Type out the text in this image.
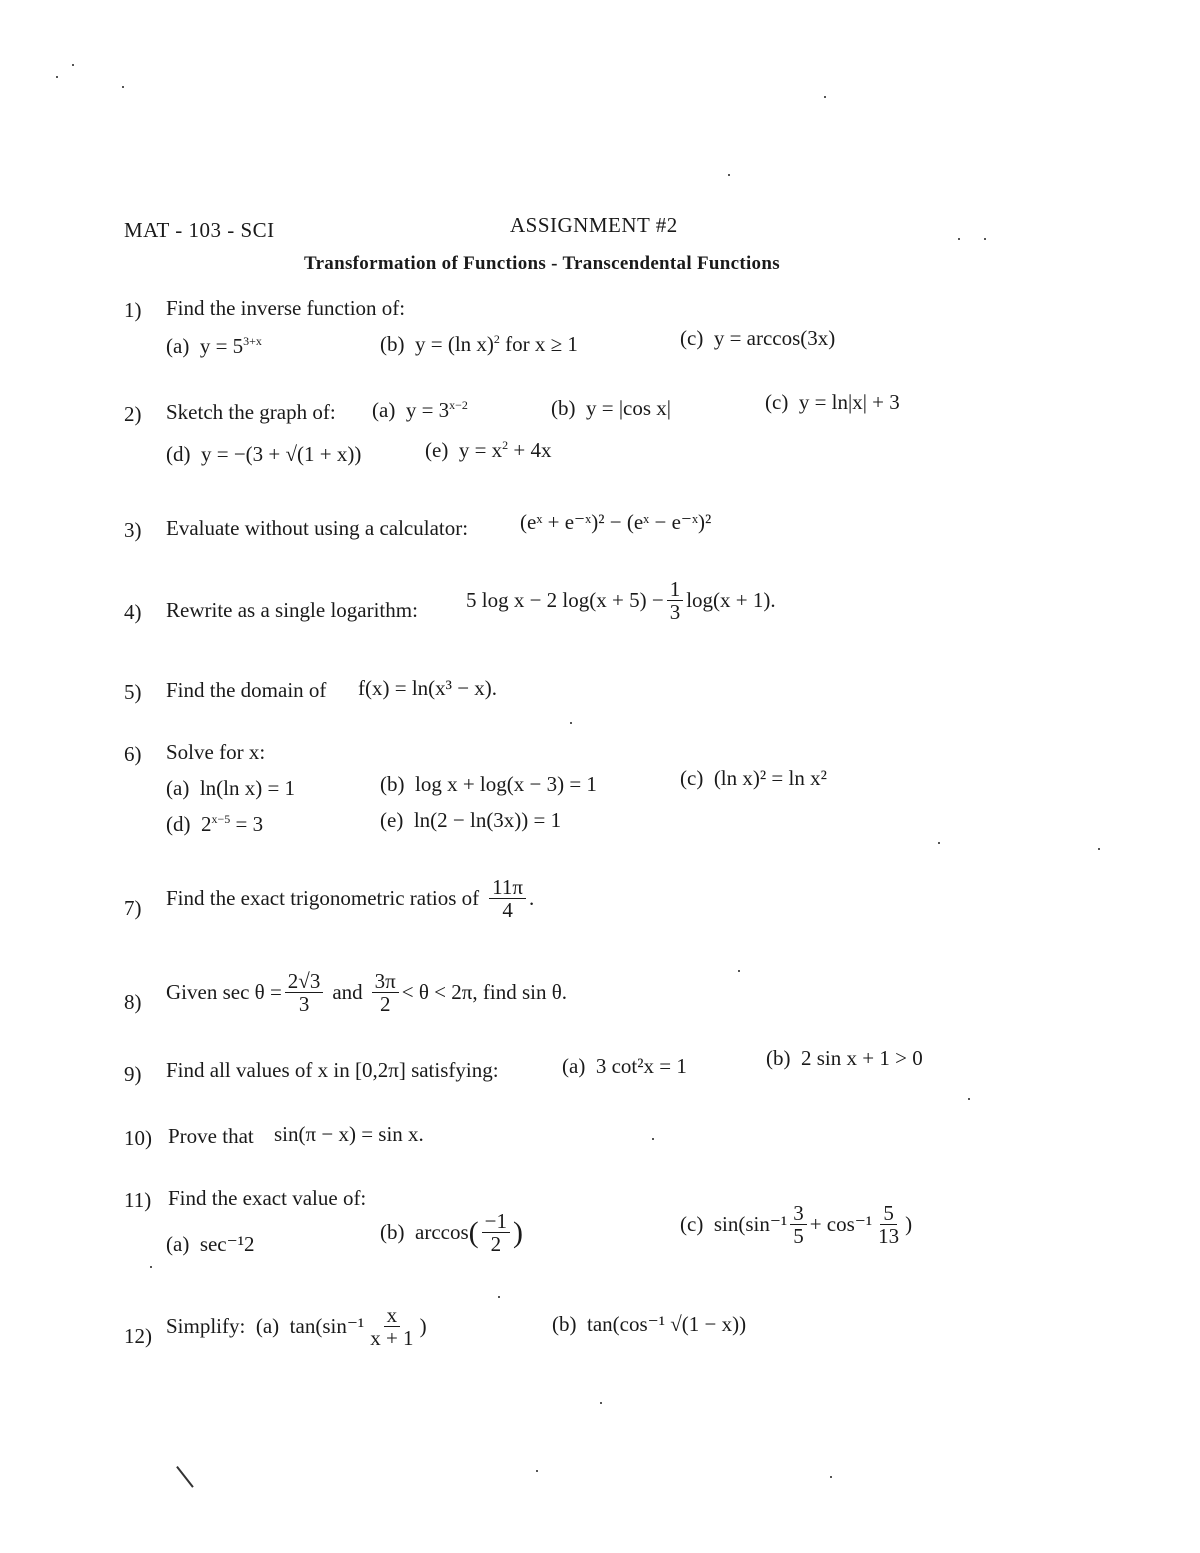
MAT - 103 - SCI	ASSIGNMENT #2
Transformation of Functions - Transcendental Functions
1) Find the inverse function of:
(a) $y = 5^{3+x}$	(b) y = (ln x)$^2$ for x ≥ 1	(c) y = arccos(3x)
2) Sketch the graph of: (a) $y = 3^{x-2}$	(b) y = |cos x|	(c) y = ln|x| + 3
(d) y = −(3 + √(1 + x))	(e) $y = x^2 + 4x$
3) Evaluate without using a calculator: (eˣ + e⁻ˣ)² − (eˣ − e⁻ˣ)²
4) Rewrite as a single logarithm: 5 log x − 2 $\log(x + 5) - \frac{1}{3} \log(x + 1)$.
5) Find the domain of f(x) = ln(x³ − x).
6) Solve for x:
(a) ln(ln x) = 1	(b) log x + log(x − 3) = 1	(c) (ln x)² = ln x²
(d) $2^{x-5} = 3$	(e) ln(2 − ln(3x)) = 1
7) Find the exact trigonometric ratios of $\frac{11\pi}{4}$ .
8) Given $\sec \theta = \frac{2√3}{3}$ and $\frac{3\pi}{2} < \theta < 2\pi$, find sin θ.
9) Find all values of x in [0,2π] satisfying:	(a) 3 cot²x = 1	(b) 2 sin x + 1 > 0
10) Prove that sin(π − x) = sin x.
11) Find the exact value of:
(a) sec⁻¹2	(b)
arccos ( $\frac{-1}{2}$ )	(c)
$\sin(\sin^{-1} \frac{3}{5} + \cos^{-1} \frac{5}{13}$ )
12) Simplify:
(a)
$\tan(\sin^{-1} \frac{x}{x + 1}$ )	(b) tan(cos⁻¹ √(1 − x))
